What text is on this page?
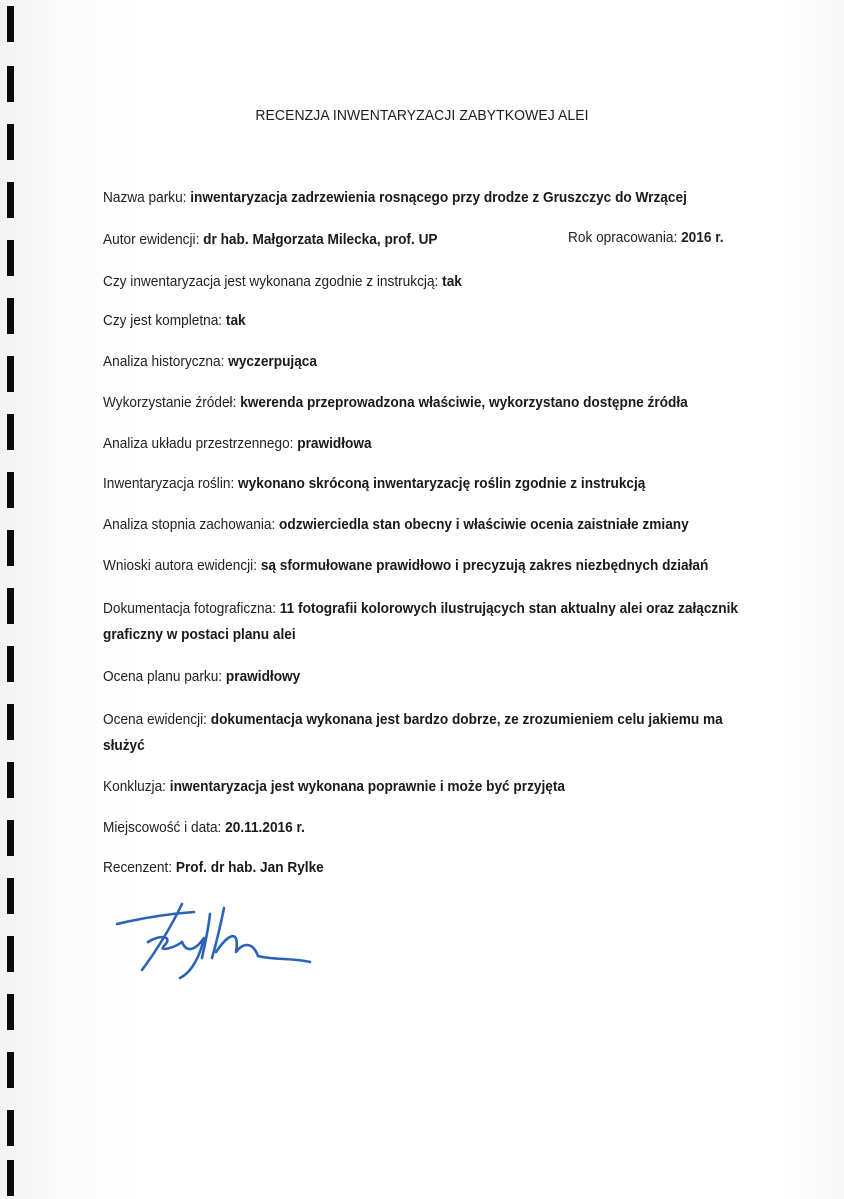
RECENZJA INWENTARYZACJI ZABYTKOWEJ ALEI
Nazwa parku: inwentaryzacja zadrzewienia rosnącego przy drodze z Gruszczyc do Wrzącej
Autor ewidencji: dr hab. Małgorzata Milecka, prof. UP	Rok opracowania: 2016 r.
Czy inwentaryzacja jest wykonana zgodnie z instrukcją: tak
Czy jest kompletna: tak
Analiza historyczna: wyczerpująca
Wykorzystanie źródeł: kwerenda przeprowadzona właściwie, wykorzystano dostępne źródła
Analiza układu przestrzennego: prawidłowa
Inwentaryzacja roślin: wykonano skróconą inwentaryzację roślin zgodnie z instrukcją
Analiza stopnia zachowania: odzwierciedla stan obecny i właściwie ocenia zaistniałe zmiany
Wnioski autora ewidencji: są sformułowane prawidłowo i precyzują zakres niezbędnych działań
Dokumentacja fotograficzna: 11 fotografii kolorowych ilustrujących stan aktualny alei oraz załącznik graficzny w postaci planu alei
Ocena planu parku: prawidłowy
Ocena ewidencji: dokumentacja wykonana jest bardzo dobrze, ze zrozumieniem celu jakiemu ma służyć
Konkluzja: inwentaryzacja jest wykonana poprawnie i może być przyjęta
Miejscowość i data: 20.11.2016 r.
Recenzent: Prof. dr hab. Jan Rylke
